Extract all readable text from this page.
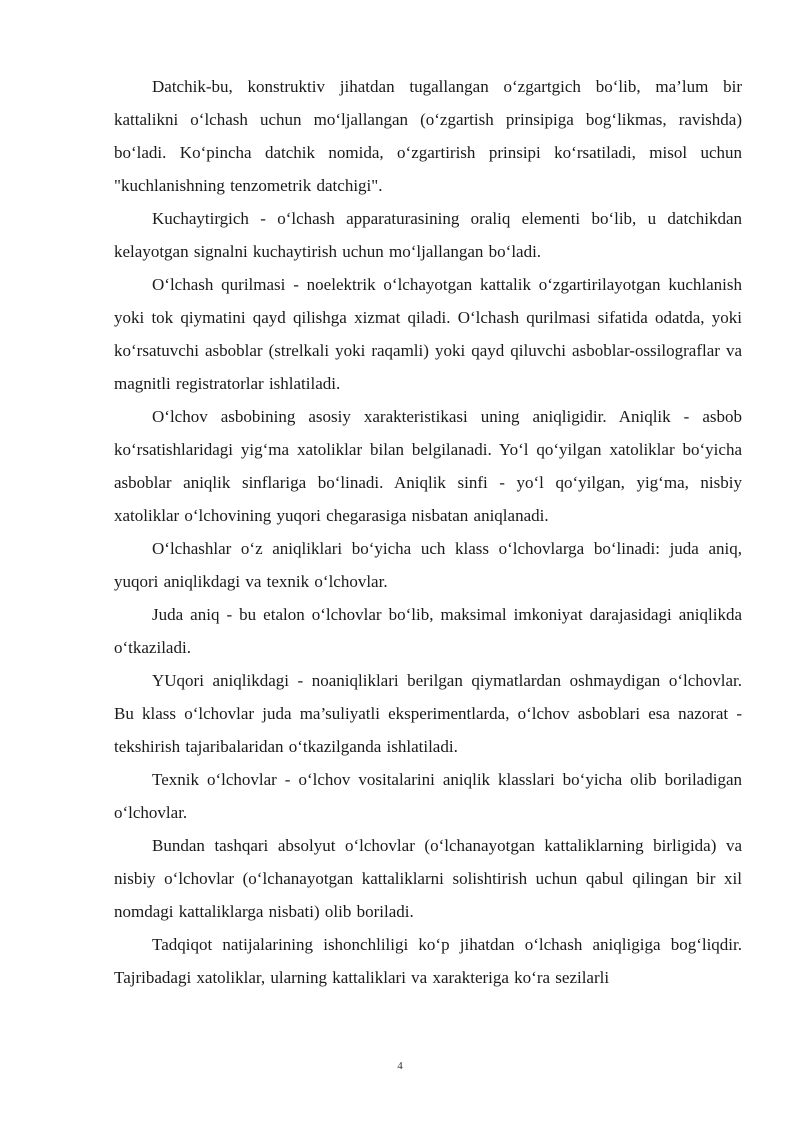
Datchik-bu, konstruktiv jihatdan tugallangan o‘zgartgich bo‘lib, ma’lum bir kattalikni o‘lchash uchun mo‘ljallangan (o‘zgartish prinsipiga bog‘likmas, ravishda) bo‘ladi. Ko‘pincha datchik nomida, o‘zgartirish prinsipi ko‘rsatiladi, misol uchun "kuchlanishning tenzometrik datchigi".

Kuchaytirgich - o‘lchash apparaturasining oraliq elementi bo‘lib, u datchikdan kelayotgan signalni kuchaytirish uchun mo‘ljallangan bo‘ladi.

O‘lchash qurilmasi - noelektrik o‘lchayotgan kattalik o‘zgartirilayotgan kuchlanish yoki tok qiymatini qayd qilishga xizmat qiladi. O‘lchash qurilmasi sifatida odatda, yoki ko‘rsatuvchi asboblar (strelkali yoki raqamli) yoki qayd qiluvchi asboblar-ossilograflar va magnitli registratorlar ishlatiladi.

O‘lchov asbobining asosiy xarakteristikasi uning aniqligidir. Aniqlik - asbob ko‘rsatishlaridagi yig‘ma xatoliklar bilan belgilanadi. Yo‘l qo‘yilgan xatoliklar bo‘yicha asboblar aniqlik sinflariga bo‘linadi. Aniqlik sinfi - yo‘l qo‘yilgan, yig‘ma, nisbiy xatoliklar o‘lchovining yuqori chegarasiga nisbatan aniqlanadi.

O‘lchashlar o‘z aniqliklari bo‘yicha uch klass o‘lchovlarga bo‘linadi: juda aniq, yuqori aniqlikdagi va texnik o‘lchovlar.

Juda aniq - bu etalon o‘lchovlar bo‘lib, maksimal imkoniyat darajasidagi aniqlikda o‘tkaziladi.

YUqori aniqlikdagi - noaniqliklari berilgan qiymatlardan oshmaydigan o‘lchovlar. Bu klass o‘lchovlar juda ma’suliyatli eksperimentlarda, o‘lchov asboblari esa nazorat - tekshirish tajaribalaridan o‘tkazilganda ishlatiladi.

Texnik o‘lchovlar - o‘lchov vositalarini aniqlik klasslari bo‘yicha olib boriladigan o‘lchovlar.

Bundan tashqari absolyut o‘lchovlar (o‘lchanayotgan kattaliklarning birligida) va nisbiy o‘lchovlar (o‘lchanayotgan kattaliklarni solishtirish uchun qabul qilingan bir xil nomdagi kattaliklarga nisbati) olib boriladi.

Tadqiqot natijalarining ishonchliligi ko‘p jihatdan o‘lchash aniqligiga bog‘liqdir. Tajribadagi xatoliklar, ularning kattaliklari va xarakteriga ko‘ra sezilarli

4
